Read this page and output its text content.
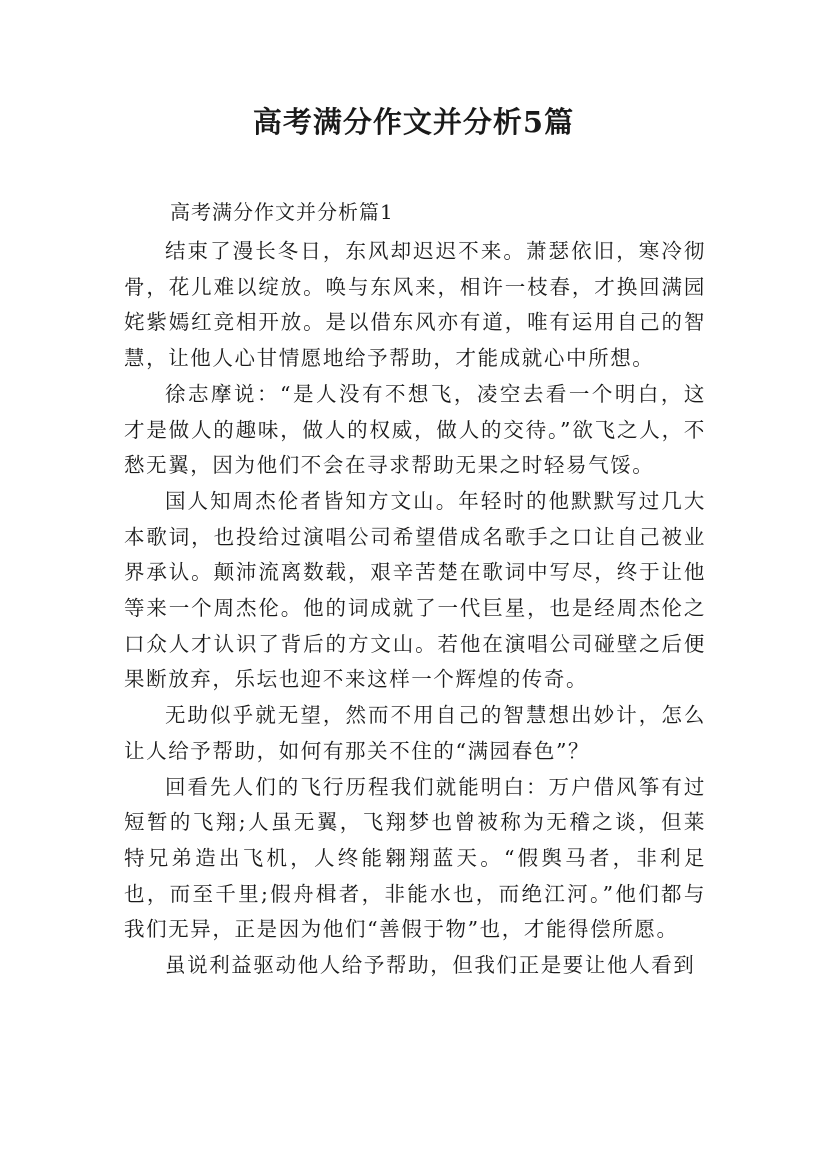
高考满分作文并分析5篇
高考满分作文并分析篇1

结束了漫长冬日，东风却迟迟不来。萧瑟依旧，寒冷彻骨，花儿难以绽放。唤与东风来，相许一枝春，才换回满园姹紫嫣红竞相开放。是以借东风亦有道，唯有运用自己的智慧，让他人心甘情愿地给予帮助，才能成就心中所想。

徐志摩说：“是人没有不想飞，凌空去看一个明白，这才是做人的趣味，做人的权威，做人的交待。”欲飞之人，不愁无翼，因为他们不会在寻求帮助无果之时轻易气馁。

国人知周杰伦者皆知方文山。年轻时的他默默写过几大本歌词，也投给过演唱公司希望借成名歌手之口让自己被业界承认。颠沛流离数载，艰辛苦楚在歌词中写尽，终于让他等来一个周杰伦。他的词成就了一代巨星，也是经周杰伦之口众人才认识了背后的方文山。若他在演唱公司碰壁之后便果断放弃，乐坛也迎不来这样一个辉煌的传奇。

无助似乎就无望，然而不用自己的智慧想出妙计，怎么让人给予帮助，如何有那关不住的“满园春色”？

回看先人们的飞行历程我们就能明白：万户借风筝有过短暂的飞翔;人虽无翼，飞翔梦也曾被称为无稽之谈，但莱特兄弟造出飞机，人终能翱翔蓝天。“假舆马者，非利足也，而至千里;假舟楫者，非能水也，而绝江河。”他们都与我们无异，正是因为他们“善假于物”也，才能得偿所愿。

虽说利益驱动他人给予帮助，但我们正是要让他人看到
